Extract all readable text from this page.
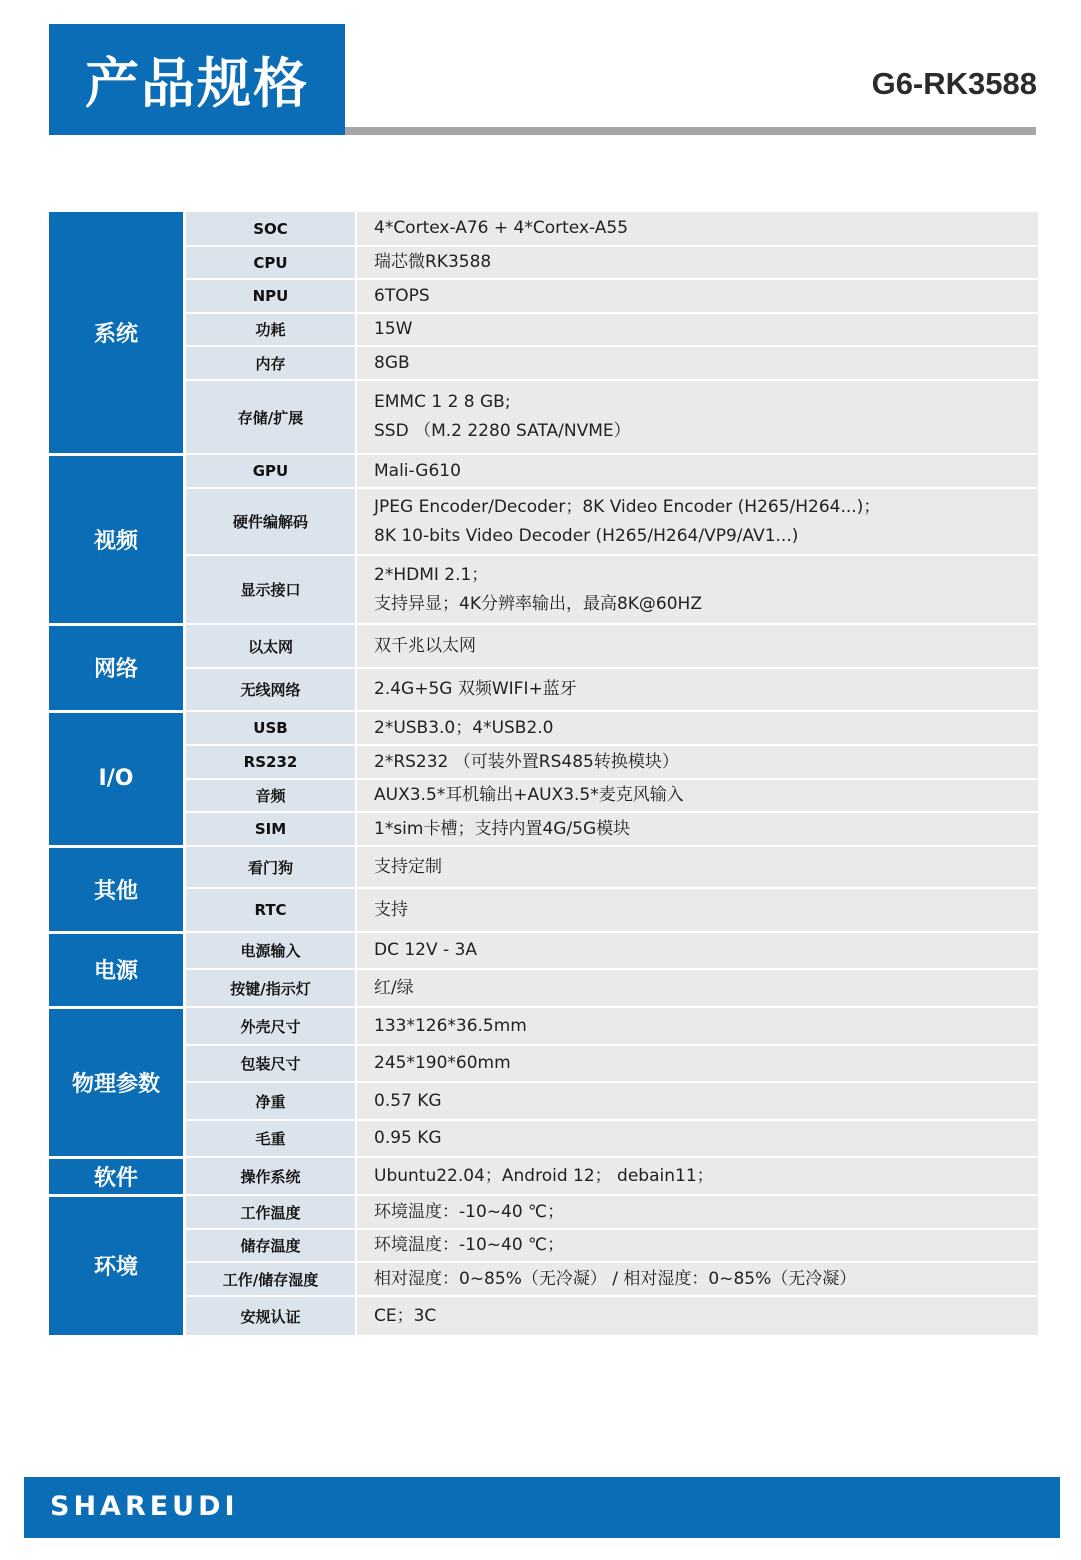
产品规格	G6-RK3588
系统	SOC	4*Cortex-A76 + 4*Cortex-A55

	CPU	瑞芯微RK3588

	NPU	6TOPS

	功耗	15W

	内存	8GB

	存储/扩展	EMMC 1 2 8 GB;
SSD （M.2 2280 SATA/NVME）

视频	GPU	Mali-G610

	硬件编解码	JPEG Encoder/Decoder；8K Video Encoder (H265/H264...)；
8K 10-bits Video Decoder (H265/H264/VP9/AV1...)

	显示接口	2*HDMI 2.1；
支持异显；4K分辨率输出，最高8K@60HZ

网络	以太网	双千兆以太网

	无线网络	2.4G+5G 双频WIFI+蓝牙

I/O	USB	2*USB3.0；4*USB2.0

	RS232	2*RS232 （可装外置RS485转换模块）

	音频	AUX3.5*耳机输出+AUX3.5*麦克风输入

	SIM	1*sim卡槽；支持内置4G/5G模块

其他	看门狗	支持定制

	RTC	支持

电源	电源输入	DC 12V - 3A

	按键/指示灯	红/绿

物理参数	外壳尺寸	133*126*36.5mm

	包装尺寸	245*190*60mm

	净重	0.57 KG

	毛重	0.95 KG

软件	操作系统	Ubuntu22.04；Android 12； debain11；

环境	工作温度	环境温度：-10~40 ℃；

	储存温度	环境温度：-10~40 ℃；

	工作/储存湿度	相对湿度：0~85%（无冷凝） / 相对湿度：0~85%（无冷凝）

	安规认证	CE；3C
SHAREUDI
